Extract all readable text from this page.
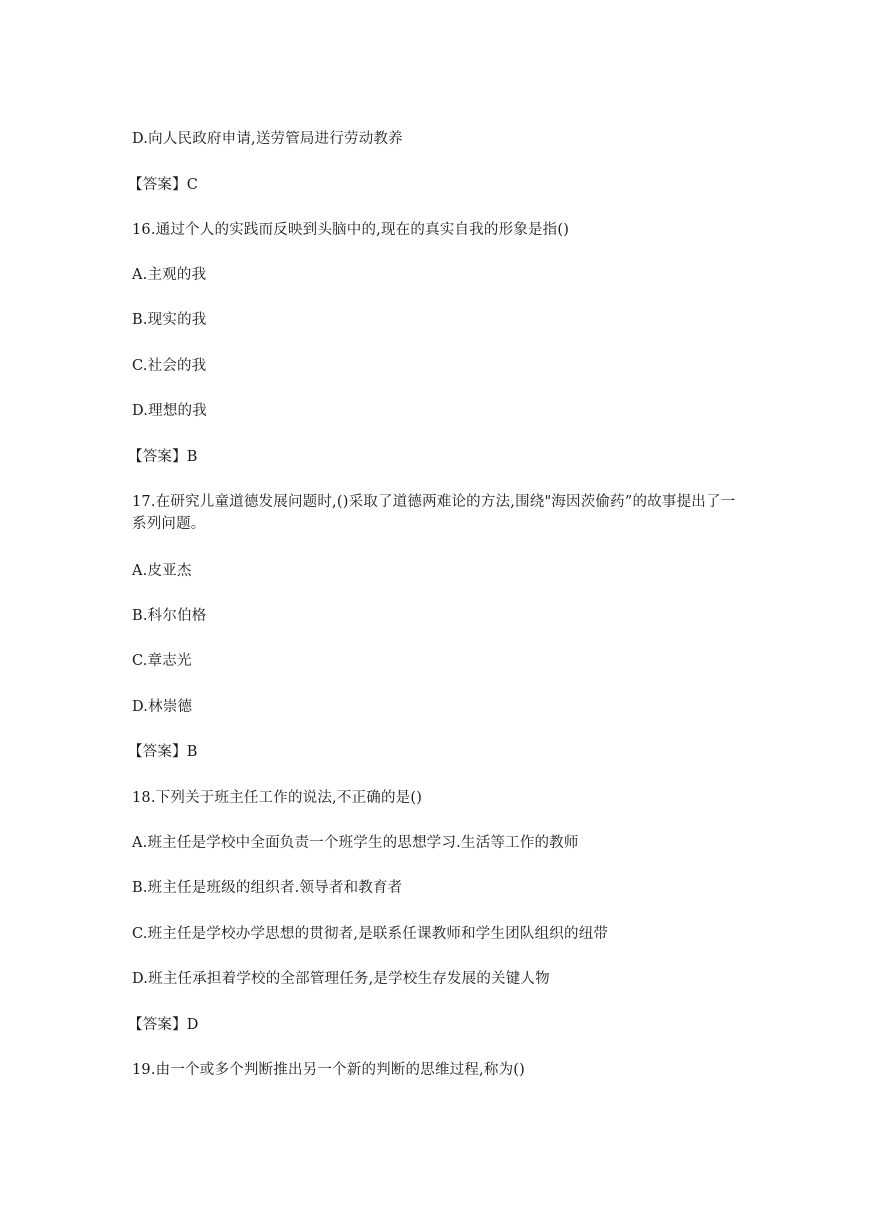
D.向人民政府申请,送劳管局进行劳动教养
【答案】C
16.通过个人的实践而反映到头脑中的,现在的真实自我的形象是指()
A.主观的我
B.现实的我
C.社会的我
D.理想的我
【答案】B
17.在研究儿童道德发展问题时,()采取了道德两难论的方法,围绕"海因茨偷药”的故事提出了一系列问题。
A.皮亚杰
B.科尔伯格
C.章志光
D.林崇德
【答案】B
18.下列关于班主任工作的说法,不正确的是()
A.班主任是学校中全面负责一个班学生的思想学习.生活等工作的教师
B.班主任是班级的组织者.领导者和教育者
C.班主任是学校办学思想的贯彻者,是联系任课教师和学生团队组织的纽带
D.班主任承担着学校的全部管理任务,是学校生存发展的关键人物
【答案】D
19.由一个或多个判断推出另一个新的判断的思维过程,称为()
